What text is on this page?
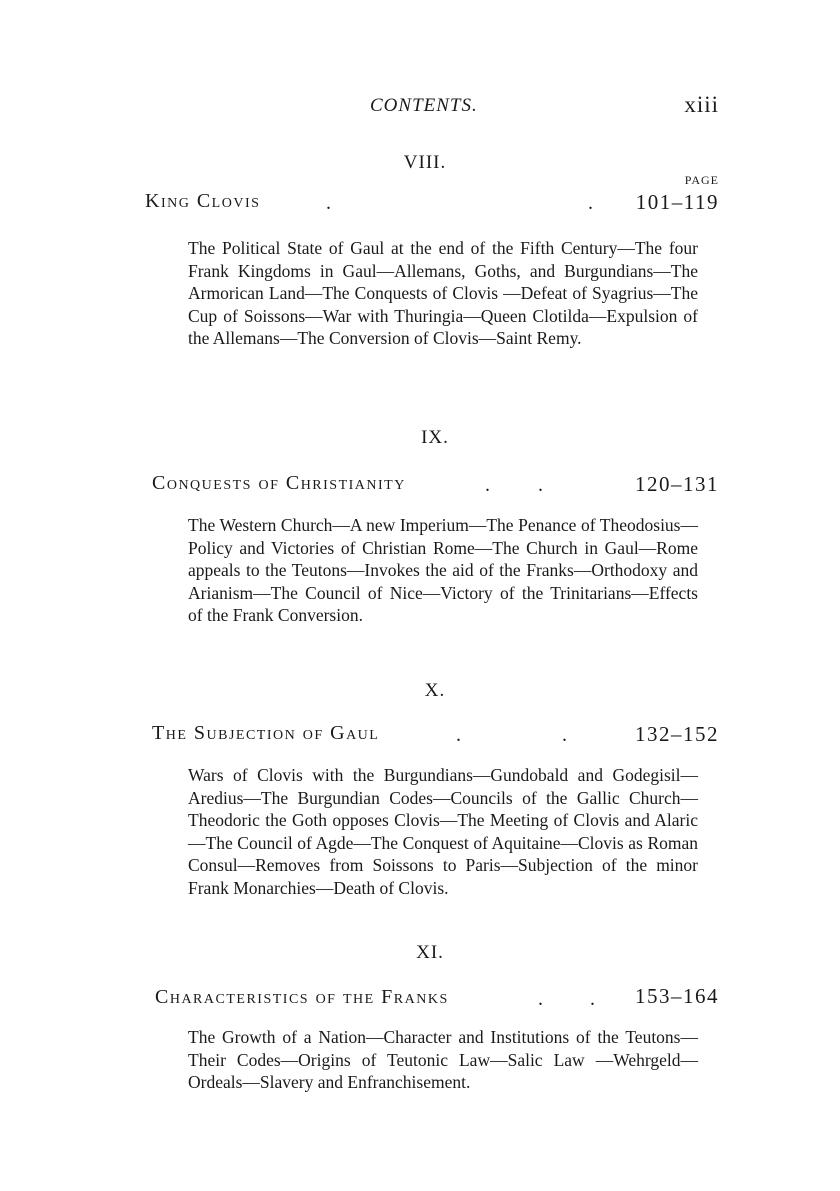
CONTENTS.	xiii
VIII.
PAGE
King Clovis	.	. 101–119

The Political State of Gaul at the end of the Fifth Century—The four Frank Kingdoms in Gaul—Allemans, Goths, and Burgundians—The Armorican Land—The Conquests of Clovis —Defeat of Syagrius—The Cup of Soissons—War with Thuringia—Queen Clotilda—Expulsion of the Allemans—The Conversion of Clovis—Saint Remy.

IX.
Conquests of Christianity	. .	120–131

The Western Church—A new Imperium—The Penance of Theodosius—Policy and Victories of Christian Rome—The Church in Gaul—Rome appeals to the Teutons—Invokes the aid of the Franks—Orthodoxy and Arianism—The Council of Nice—Victory of the Trinitarians—Effects of the Frank Conversion.

X.
The Subjection of Gaul	.	.	132–152

Wars of Clovis with the Burgundians—Gundobald and Godegisil—Aredius—The Burgundian Codes—Councils of the Gallic Church—Theodoric the Goth opposes Clovis—The Meeting of Clovis and Alaric—The Council of Agde—The Conquest of Aquitaine—Clovis as Roman Consul—Removes from Soissons to Paris—Subjection of the minor Frank Monarchies—Death of Clovis.

XI.
Characteristics of the Franks	. . 153–164

The Growth of a Nation—Character and Institutions of the Teutons—Their Codes—Origins of Teutonic Law—Salic Law —Wehrgeld—Ordeals—Slavery and Enfranchisement.
